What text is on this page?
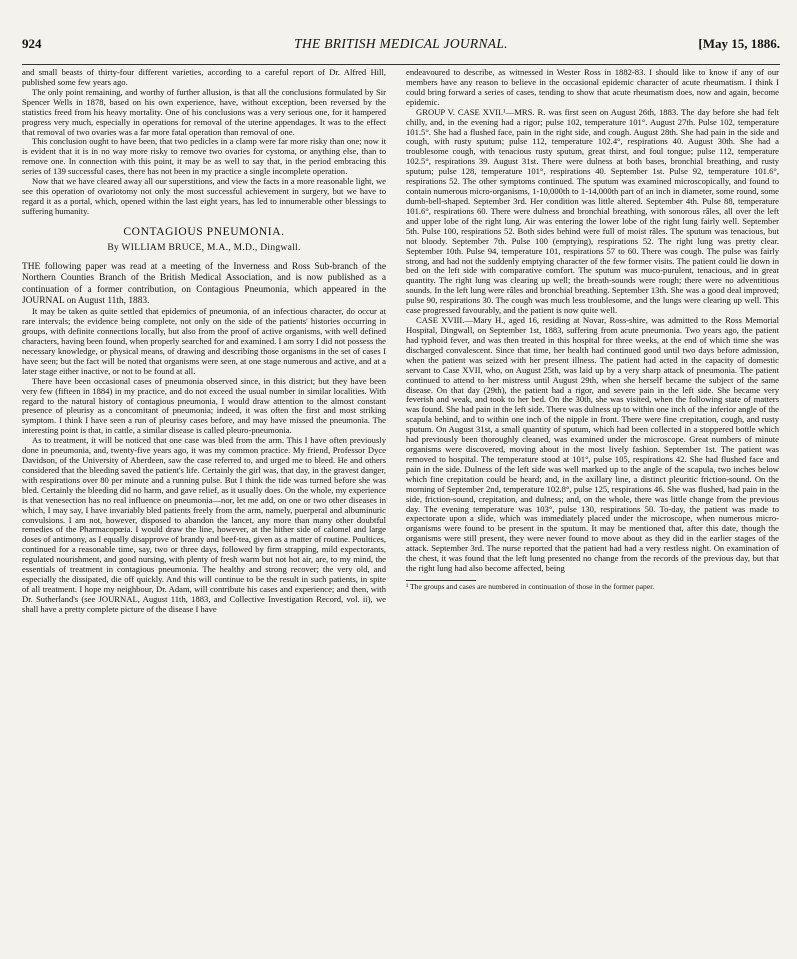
924	THE BRITISH MEDICAL JOURNAL.	[May 15, 1886.

and small beasts of thirty-four different varieties, according to a careful report of Dr. Alfred Hill, published some few years ago.

The only point remaining, and worthy of further allusion, is that all the conclusions formulated by Sir Spencer Wells in 1878, based on his own experience, have, without exception, been reversed by the statistics freed from his heavy mortality. One of his conclusions was a very serious one, for it hampered progress very much, especially in operations for removal of the uterine appendages. It was to the effect that removal of two ovaries was a far more fatal operation than removal of one.

This conclusion ought to have been, that two pedicles in a clamp were far more risky than one; now it is evident that it is in no way more risky to remove two ovaries for cystoma, or anything else, than to remove one. In connection with this point, it may be as well to say that, in the period embracing this series of 139 successful cases, there has not been in my practice a single incomplete operation.

Now that we have cleared away all our superstitions, and view the facts in a more reasonable light, we see this operation of ovariotomy not only the most successful achievement in surgery, but we have to regard it as a portal, which, opened within the last eight years, has led to innumerable other blessings to suffering humanity.

CONTAGIOUS PNEUMONIA.
By WILLIAM BRUCE, M.A., M.D., Dingwall.

THE following paper was read at a meeting of the Inverness and Ross Sub-branch of the Northern Counties Branch of the British Medical Association, and is now published as a continuation of a former contribution, on Contagious Pneumonia, which appeared in the JOURNAL on August 11th, 1883.

It may be taken as quite settled that epidemics of pneumonia, of an infectious character, do occur at rare intervals; the evidence being complete, not only on the side of the patients' histories occurring in groups, with definite connections locally, but also from the proof of active organisms, with well defined characters, having been found, when properly searched for and examined. I am sorry I did not possess the necessary knowledge, or physical means, of drawing and describing those organisms in the set of cases I have seen; but the fact will be noted that organisms were seen, at one stage numerous and active, and at a later stage either inactive, or not to be found at all.

There have been occasional cases of pneumonia observed since, in this district; but they have been very few (fifteen in 1884) in my practice, and do not exceed the usual number in similar localities. With regard to the natural history of contagious pneumonia, I would draw attention to the almost constant presence of pleurisy as a concomitant of pneumonia; indeed, it was often the first and most striking symptom. I think I have seen a run of pleurisy cases before, and may have missed the pneumonia. The interesting point is that, in cattle, a similar disease is called pleuro-pneumonia.

As to treatment, it will be noticed that one case was bled from the arm. This I have often previously done in pneumonia, and, twenty-five years ago, it was my common practice. My friend, Professor Dyce Davidson, of the University of Aberdeen, saw the case referred to, and urged me to bleed. He and others considered that the bleeding saved the patient's life. Certainly the girl was, that day, in the gravest danger, with respirations over 80 per minute and a running pulse. But I think the tide was turned before she was bled. Certainly the bleeding did no harm, and gave relief, as it usually does. On the whole, my experience is that venesection has no real influence on pneumonia—nor, let me add, on one or two other diseases in which, I may say, I have invariably bled patients freely from the arm, namely, puerperal and albuminuric convulsions. I am not, however, disposed to abandon the lancet, any more than many other doubtful remedies of the Pharmacopœia. I would draw the line, however, at the hither side of calomel and large doses of antimony, as I equally disapprove of brandy and beef-tea, given as a matter of routine. Poultices, continued for a reasonable time, say, two or three days, followed by firm strapping, mild expectorants, regulated nourishment, and good nursing, with plenty of fresh warm but not hot air, are, to my mind, the essentials of treatment in contagious pneumonia. The healthy and strong recover; the very old, and especially the dissipated, die off quickly. And this will continue to be the result in such patients, in spite of all treatment. I hope my neighbour, Dr. Adam, will contribute his cases and experience; and then, with Dr. Sutherland's (see JOURNAL, August 11th, 1883, and Collective Investigation Record, vol. ii), we shall have a pretty complete picture of the disease I have

endeavoured to describe, as witnessed in Wester Ross in 1882-83. I should like to know if any of our members have any reason to believe in the occasional epidemic character of acute rheumatism. I think I could bring forward a series of cases, tending to show that acute rheumatism does, now and again, become epidemic.

GROUP V. CASE XVII.¹—MRS. R. was first seen on August 26th, 1883. The day before she had felt chilly, and, in the evening had a rigor; pulse 102, temperature 101°. August 27th. Pulse 102, temperature 101.5°. She had a flushed face, pain in the right side, and cough. August 28th. She had pain in the side and cough, with rusty sputum; pulse 112, temperature 102.4°, respirations 40. August 30th. She had a troublesome cough, with tenacious rusty sputum, great thirst, and foul tongue; pulse 112, temperature 102.5°, respirations 39. August 31st. There were dulness at both bases, bronchial breathing, and rusty sputum; pulse 128, temperature 101°, respirations 40. September 1st. Pulse 92, temperature 101.6°, respirations 52. The other symptoms continued. The sputum was examined microscopically, and found to contain numerous micro-organisms, 1-10,000th to 1-14,000th part of an inch in diameter, some round, some dumb-bell-shaped. September 3rd. Her condition was little altered. September 4th. Pulse 88, temperature 101.6°, respirations 60. There were dulness and bronchial breathing, with sonorous râles, all over the left and upper lobe of the right lung. Air was entering the lower lobe of the right lung fairly well. September 5th. Pulse 100, respirations 52. Both sides behind were full of moist râles. The sputum was tenacious, but not bloody. September 7th. Pulse 100 (emptying), respirations 52. The right lung was pretty clear. September 10th. Pulse 94, temperature 101, respirations 57 to 60. There was cough. The pulse was fairly strong, and had not the suddenly emptying character of the few former visits. The patient could lie down in bed on the left side with comparative comfort. The sputum was muco-purulent, tenacious, and in great quantity. The right lung was clearing up well; the breath-sounds were rough; there were no adventitious sounds. In the left lung were râles and bronchial breathing. September 13th. She was a good deal improved; pulse 90, respirations 30. The cough was much less troublesome, and the lungs were clearing up well. This case progressed favourably, and the patient is now quite well.

CASE XVIII.—Mary H., aged 16, residing at Novar, Ross-shire, was admitted to the Ross Memorial Hospital, Dingwall, on September 1st, 1883, suffering from acute pneumonia. Two years ago, the patient had typhoid fever, and was then treated in this hospital for three weeks, at the end of which time she was discharged convalescent. Since that time, her health had continued good until two days before admission, when the patient was seized with her present illness. The patient had acted in the capacity of domestic servant to Case XVII, who, on August 25th, was laid up by a very sharp attack of pneumonia. The patient continued to attend to her mistress until August 29th, when she herself became the subject of the same disease. On that day (29th), the patient had a rigor, and severe pain in the left side. She became very feverish and weak, and took to her bed. On the 30th, she was visited, when the following state of matters was found. She had pain in the left side. There was dulness up to within one inch of the inferior angle of the scapula behind, and to within one inch of the nipple in front. There were fine crepitation, cough, and rusty sputum. On August 31st, a small quantity of sputum, which had been collected in a stoppered bottle which had previously been thoroughly cleaned, was examined under the microscope. Great numbers of minute organisms were discovered, moving about in the most lively fashion. September 1st. The patient was removed to hospital. The temperature stood at 101°, pulse 105, respirations 42. She had flushed face and pain in the side. Dulness of the left side was well marked up to the angle of the scapula, two inches below which fine crepitation could be heard; and, in the axillary line, a distinct pleuritic friction-sound. On the morning of September 2nd, temperature 102.8°, pulse 125, respirations 46. She was flushed, had pain in the side, friction-sound, crepitation, and dulness; and, on the whole, there was little change from the previous day. The evening temperature was 103°, pulse 130, respirations 50. To-day, the patient was made to expectorate upon a slide, which was immediately placed under the microscope, when numerous micro-organisms were found to be present in the sputum. It may be mentioned that, after this date, though the organisms were still present, they were never found to move about as they did in the earlier stages of the attack. September 3rd. The nurse reported that the patient had had a very restless night. On examination of the chest, it was found that the left lung presented no change from the records of the previous day, but that the right lung had also become affected, being

¹ The groups and cases are numbered in continuation of those in the former paper.
